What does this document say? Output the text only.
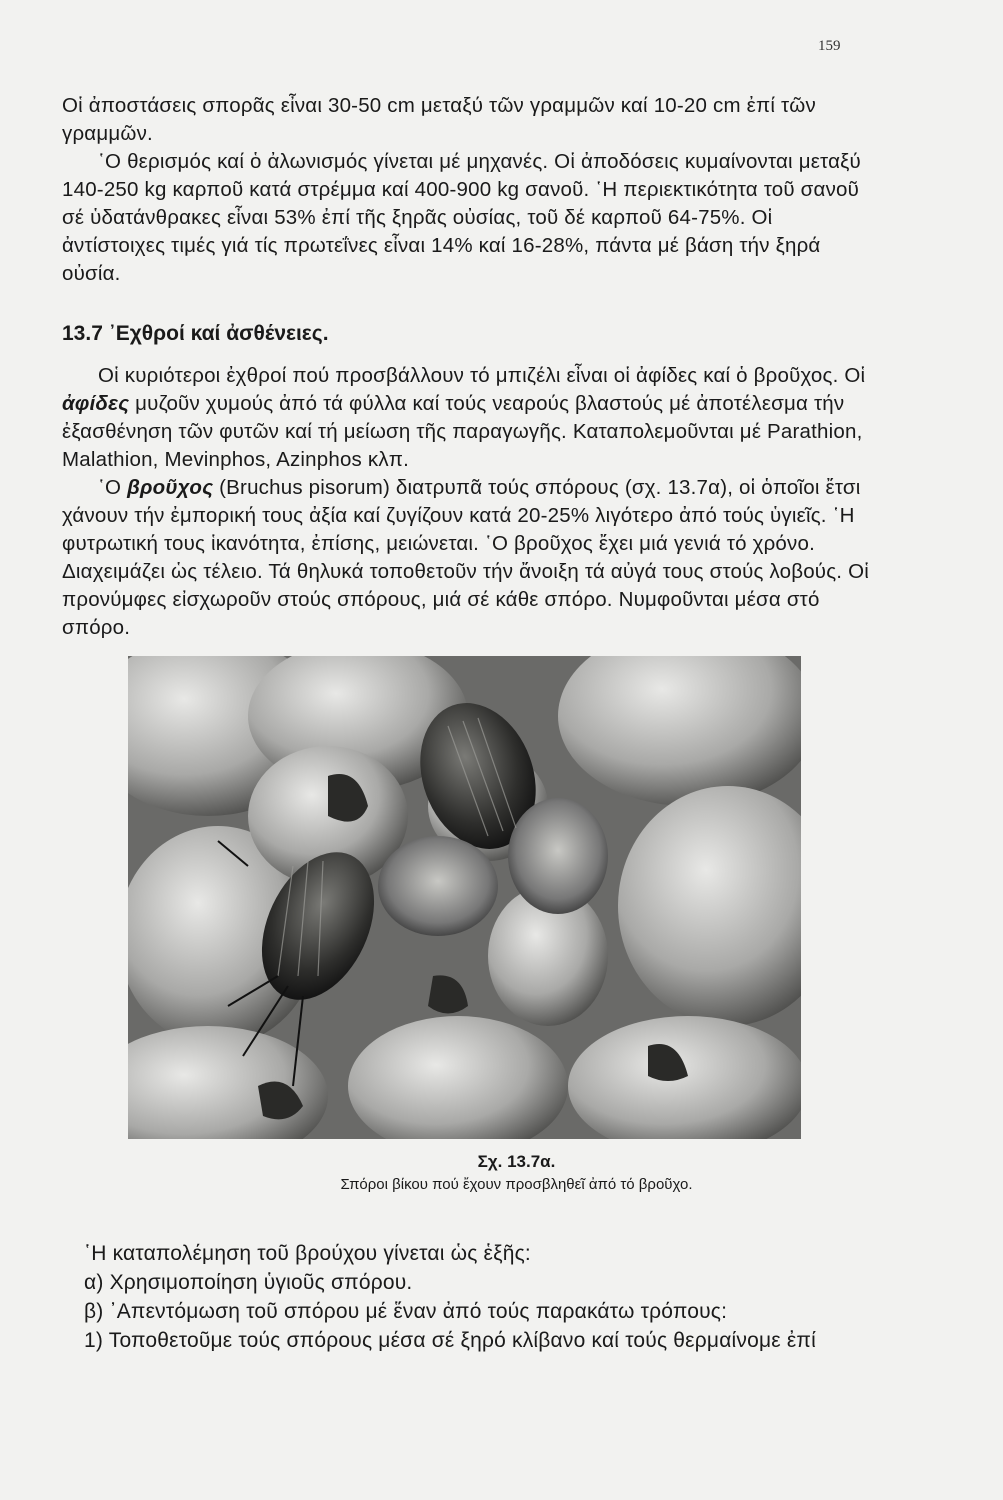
159

Οἱ ἀποστάσεις σπορᾶς εἶναι 30-50 cm μεταξύ τῶν γραμμῶν καί 10-20 cm ἐπί τῶν γραμμῶν.

῾Ο θερισμός καί ὁ ἀλωνισμός γίνεται μέ μηχανές. Οἱ ἀποδόσεις κυμαίνονται μεταξύ 140-250 kg καρποῦ κατά στρέμμα καί 400-900 kg σανοῦ. ῾Η περιεκτικότητα τοῦ σανοῦ σέ ὑδατάνθρακες εἶναι 53% ἐπί τῆς ξηρᾶς οὐσίας, τοῦ δέ καρποῦ 64-75%. Οἱ ἀντίστοιχες τιμές γιά τίς πρωτεΐνες εἶναι 14% καί 16-28%, πάντα μέ βάση τήν ξηρά οὐσία.

13.7 ᾽Εχθροί καί ἀσθένειες.

Οἱ κυριότεροι ἐχθροί πού προσβάλλουν τό μπιζέλι εἶναι οἱ ἀφίδες καί ὁ βροῦχος. Οἱ ἀφίδες μυζοῦν χυμούς ἀπό τά φύλλα καί τούς νεαρούς βλαστούς μέ ἀποτέλεσμα τήν ἐξασθένηση τῶν φυτῶν καί τή μείωση τῆς παραγωγῆς. Καταπολεμοῦνται μέ Parathion, Malathion, Mevinphos, Azinphos κλπ.

῾Ο βροῦχος (Bruchus pisorum) διατρυπᾶ τούς σπόρους (σχ. 13.7α), οἱ ὁποῖοι ἔτσι χάνουν τήν ἐμπορική τους ἀξία καί ζυγίζουν κατά 20-25% λιγότερο ἀπό τούς ὑγιεῖς. ῾Η φυτρωτική τους ἱκανότητα, ἐπίσης, μειώνεται. ῾Ο βροῦχος ἔχει μιά γενιά τό χρόνο. Διαχειμάζει ὡς τέλειο. Τά θηλυκά τοποθετοῦν τήν ἄνοιξη τά αὐγά τους στούς λοβούς. Οἱ προνύμφες εἰσχωροῦν στούς σπόρους, μιά σέ κάθε σπόρο. Νυμφοῦνται μέσα στό σπόρο.

Σχ. 13.7α.
Σπόροι βίκου πού ἔχουν προσβληθεῖ ἀπό τό βροῦχο.

῾Η καταπολέμηση τοῦ βρούχου γίνεται ὡς ἑξῆς:

α) Χρησιμοποίηση ὑγιοῦς σπόρου.

β) ᾽Απεντόμωση τοῦ σπόρου μέ ἕναν ἀπό τούς παρακάτω τρόπους:

1) Τοποθετοῦμε τούς σπόρους μέσα σέ ξηρό κλίβανο καί τούς θερμαίνομε ἐπί
